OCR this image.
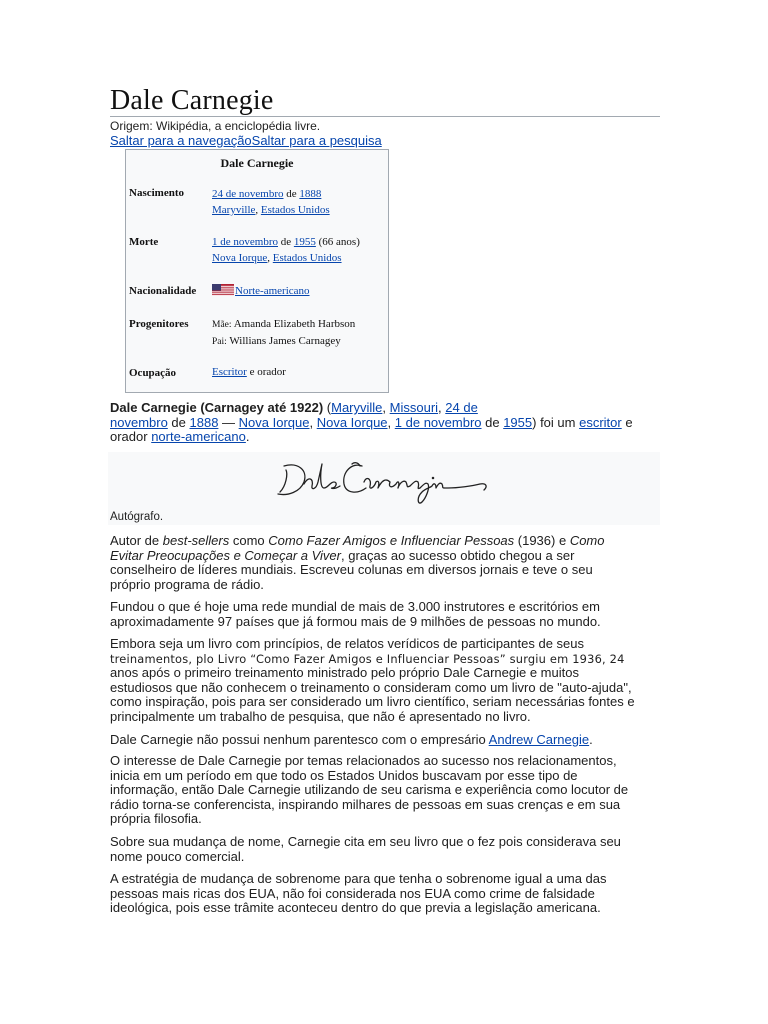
Dale Carnegie
Origem: Wikipédia, a enciclopédia livre.
Saltar para a navegaçãoSaltar para a pesquisa
Dale Carnegie
Nascimento	24 de novembro de 1888
Maryville, Estados Unidos
Morte	1 de novembro de 1955 (66 anos)
Nova Iorque, Estados Unidos
Nacionalidade	Norte-americano
Progenitores Mãe: Amanda Elizabeth Harbson
Pai: Willians James Carnagey
Ocupação	Escritor e orador
Dale Carnegie (Carnagey até 1922) (Maryville, Missouri, 24 de
novembro de 1888 — Nova Iorque, Nova Iorque, 1 de novembro de 1955) foi um escritor e
orador norte-americano.
Autógrafo.
Autor de best-sellers como Como Fazer Amigos e Influenciar Pessoas (1936) e Como
Evitar Preocupações e Começar a Viver, graças ao sucesso obtido chegou a ser
conselheiro de líderes mundiais. Escreveu colunas em diversos jornais e teve o seu
próprio programa de rádio.
Fundou o que é hoje uma rede mundial de mais de 3.000 instrutores e escritórios em
aproximadamente 97 países que já formou mais de 9 milhões de pessoas no mundo.
Embora seja um livro com princípios, de relatos verídicos de participantes de seus
treinamentos, plo Livro “Como Fazer Amigos e Influenciar Pessoas” surgiu em 1936, 24
anos após o primeiro treinamento ministrado pelo próprio Dale Carnegie e muitos
estudiosos que não conhecem o treinamento o consideram como um livro de "auto-ajuda",
como inspiração, pois para ser considerado um livro científico, seriam necessárias fontes e
principalmente um trabalho de pesquisa, que não é apresentado no livro.
Dale Carnegie não possui nenhum parentesco com o empresário Andrew Carnegie.
O interesse de Dale Carnegie por temas relacionados ao sucesso nos relacionamentos,
inicia em um período em que todo os Estados Unidos buscavam por esse tipo de
informação, então Dale Carnegie utilizando de seu carisma e experiência como locutor de
rádio torna-se conferencista, inspirando milhares de pessoas em suas crenças e em sua
própria filosofia.
Sobre sua mudança de nome, Carnegie cita em seu livro que o fez pois considerava seu
nome pouco comercial.
A estratégia de mudança de sobrenome para que tenha o sobrenome igual a uma das
pessoas mais ricas dos EUA, não foi considerada nos EUA como crime de falsidade
ideológica, pois esse trâmite aconteceu dentro do que previa a legislação americana.
